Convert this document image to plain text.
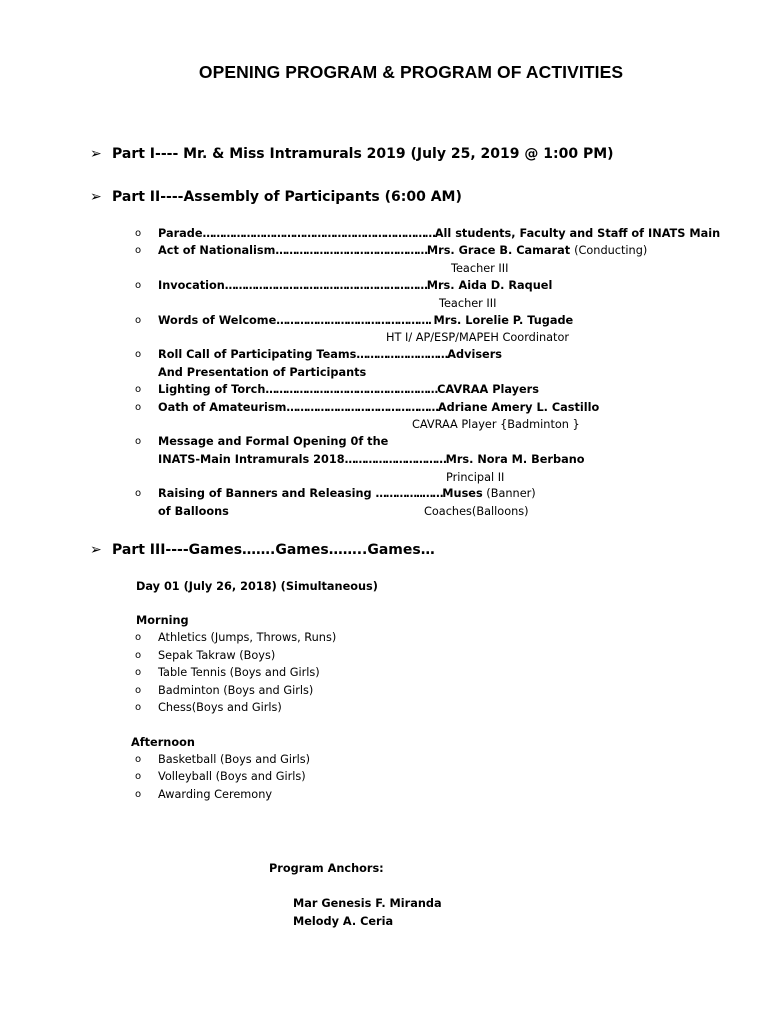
OPENING PROGRAM & PROGRAM OF ACTIVITIES
➢ Part I---- Mr. & Miss Intramurals 2019 (July 25, 2019 @ 1:00 PM)
➢ Part II----Assembly of Participants (6:00 AM)
o Parade……………………………………………………………All students, Faculty and Staff of INATS Main
o Act of Nationalism………………………………………Mrs. Grace B. Camarat (Conducting)
Teacher III
o Invocation……………………………………………………Mrs. Aida D. Raquel
Teacher III
o Words of Welcome………………………………………. Mrs. Lorelie P. Tugade
HT I/ AP/ESP/MAPEH Coordinator
o Roll Call of Participating Teams………………………Advisers
And Presentation of Participants
o Lighting of Torch……………………………………………CAVRAA Players
o Oath of Amateurism………………………………………Adriane Amery L. Castillo
CAVRAA Player {Badminton }
o Message and Formal Opening 0f the
INATS-Main Intramurals 2018…………………………Mrs. Nora M. Berbano
Principal II
o Raising of Banners and Releasing …………..……Muses (Banner)
of Balloons	Coaches(Balloons)
➢ Part III----Games…….Games……..Games…
Day 01 (July 26, 2018) (Simultaneous)
Morning
o Athletics (Jumps, Throws, Runs)
o Sepak Takraw (Boys)
o Table Tennis (Boys and Girls)
o Badminton (Boys and Girls)
o Chess(Boys and Girls)
Afternoon
o Basketball (Boys and Girls)
o Volleyball (Boys and Girls)
o Awarding Ceremony
Program Anchors:
Mar Genesis F. Miranda
Melody A. Ceria
